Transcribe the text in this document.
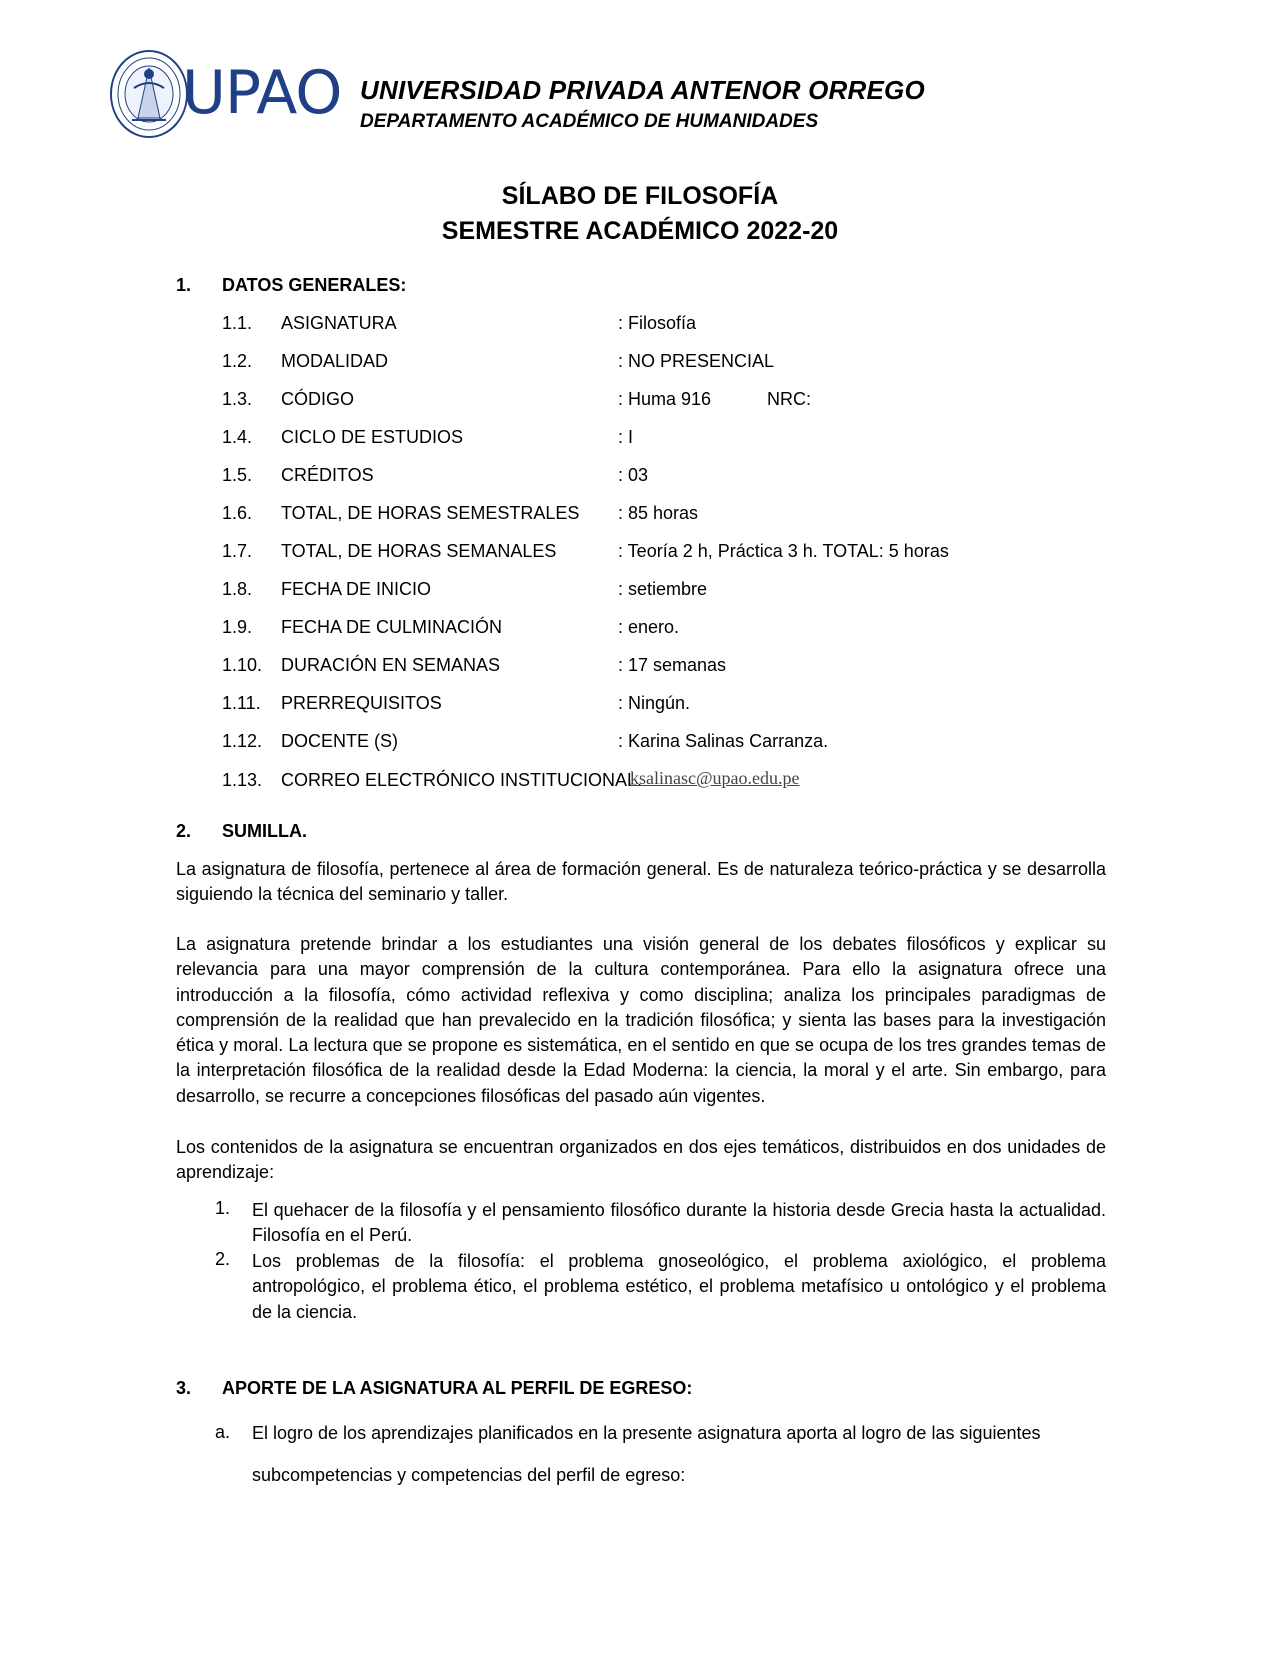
UPAO UNIVERSIDAD PRIVADA ANTENOR ORREGO
DEPARTAMENTO ACADÉMICO DE HUMANIDADES
SÍLABO DE FILOSOFÍA
SEMESTRE ACADÉMICO 2022-20
1. DATOS GENERALES:
1.1. ASIGNATURA	: Filosofía
1.2. MODALIDAD	: NO PRESENCIAL
1.3. CÓDIGO	: Huma 916	NRC:
1.4. CICLO DE ESTUDIOS	: I
1.5. CRÉDITOS	: 03
1.6. TOTAL, DE HORAS SEMESTRALES : 85 horas
1.7. TOTAL, DE HORAS SEMANALES	: Teoría 2 h, Práctica 3 h. TOTAL: 5 horas
1.8. FECHA DE INICIO	: setiembre
1.9. FECHA DE CULMINACIÓN	: enero.
1.10. DURACIÓN EN SEMANAS	: 17 semanas
1.11. PRERREQUISITOS	: Ningún.
1.12. DOCENTE (S)	: Karina Salinas Carranza.
1.13. CORREO ELECTRÓNICO INSTITUCIONAL.
ksalinasc@upao.edu.pe
2. SUMILLA.
La asignatura de filosofía, pertenece al área de formación general. Es de naturaleza teórico-práctica y se desarrolla siguiendo la técnica del seminario y taller.
La asignatura pretende brindar a los estudiantes una visión general de los debates filosóficos y explicar su relevancia para una mayor comprensión de la cultura contemporánea. Para ello la asignatura ofrece una introducción a la filosofía, cómo actividad reflexiva y como disciplina; analiza los principales paradigmas de comprensión de la realidad que han prevalecido en la tradición filosófica; y sienta las bases para la investigación ética y moral. La lectura que se propone es sistemática, en el sentido en que se ocupa de los tres grandes temas de la interpretación filosófica de la realidad desde la Edad Moderna: la ciencia, la moral y el arte. Sin embargo, para desarrollo, se recurre a concepciones filosóficas del pasado aún vigentes.
Los contenidos de la asignatura se encuentran organizados en dos ejes temáticos, distribuidos en dos unidades de aprendizaje:
1. El quehacer de la filosofía y el pensamiento filosófico durante la historia desde Grecia hasta la actualidad. Filosofía en el Perú.
2. Los problemas de la filosofía: el problema gnoseológico, el problema axiológico, el problema antropológico, el problema ético, el problema estético, el problema metafísico u ontológico y el problema de la ciencia.
3. APORTE DE LA ASIGNATURA AL PERFIL DE EGRESO:
a. El logro de los aprendizajes planificados en la presente asignatura aporta al logro de las siguientes subcompetencias y competencias del perfil de egreso:
